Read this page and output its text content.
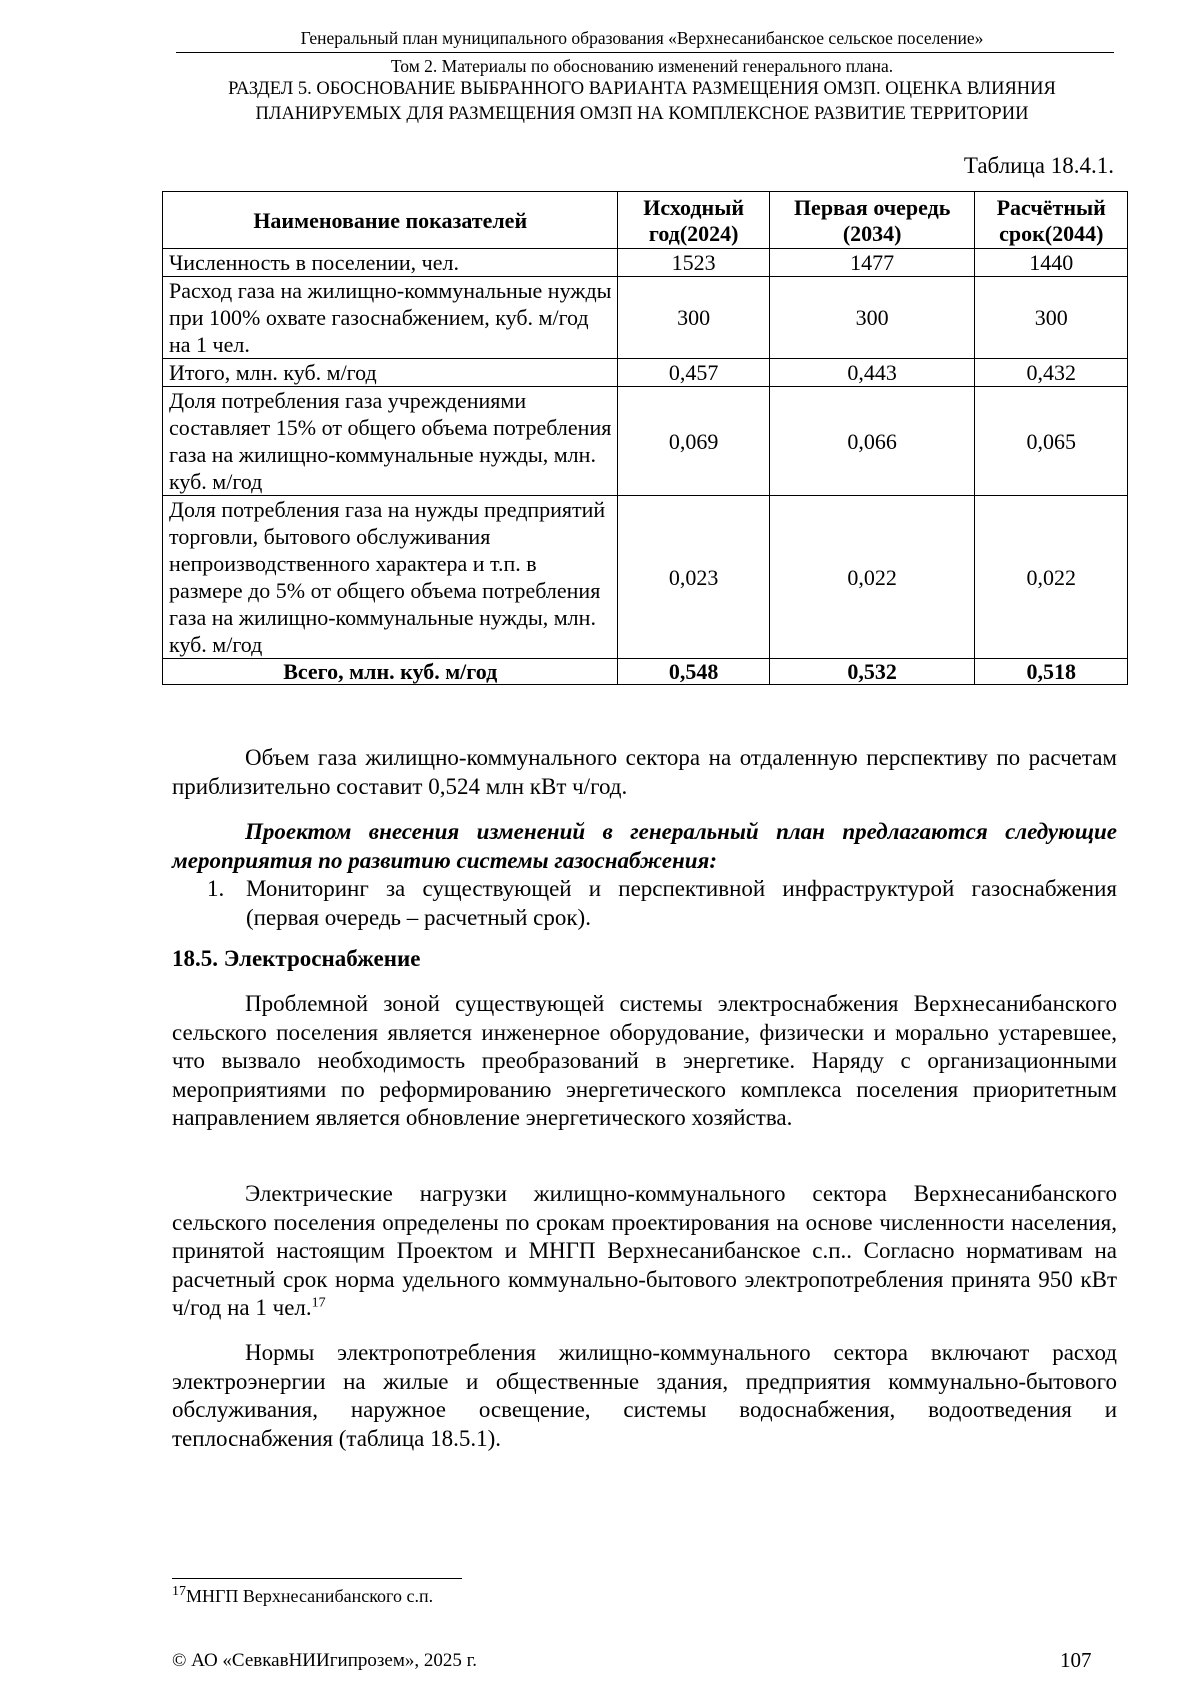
Генеральный план муниципального образования «Верхнесанибанское сельское поселение»
Том 2. Материалы по обоснованию изменений генерального плана.
РАЗДЕЛ 5. ОБОСНОВАНИЕ ВЫБРАННОГО ВАРИАНТА РАЗМЕЩЕНИЯ ОМЗП. ОЦЕНКА ВЛИЯНИЯ
ПЛАНИРУЕМЫХ ДЛЯ РАЗМЕЩЕНИЯ ОМЗП НА КОМПЛЕКСНОЕ РАЗВИТИЕ ТЕРРИТОРИИ
Таблица 18.4.1.
Наименование показателей	Исходный год(2024)	Первая очередь (2034)	Расчётный срок(2044)
Численность в поселении, чел.	1523	1477	1440
Расход газа на жилищно-коммунальные нужды при 100% охвате газоснабжением, куб. м/год на 1 чел.	300	300	300
Итого, млн. куб. м/год	0,457	0,443	0,432
Доля потребления газа учреждениями составляет 15% от общего объема потребления газа на жилищно-коммунальные нужды, млн. куб. м/год	0,069	0,066	0,065
Доля потребления газа на нужды предприятий торговли, бытового обслуживания непроизводственного характера и т.п. в размере до 5% от общего объема потребления газа на жилищно-коммунальные нужды, млн. куб. м/год	0,023	0,022	0,022
Всего, млн. куб. м/год	0,548	0,532	0,518
Объем газа жилищно-коммунального сектора на отдаленную перспективу по расчетам приблизительно составит 0,524 млн кВт ч/год.
Проектом внесения изменений в генеральный план предлагаются следующие мероприятия по развитию системы газоснабжения:
1. Мониторинг за существующей и перспективной инфраструктурой газоснабжения (первая очередь – расчетный срок).
18.5. Электроснабжение
Проблемной зоной существующей системы электроснабжения Верхнесанибанского сельского поселения является инженерное оборудование, физически и морально устаревшее, что вызвало необходимость преобразований в энергетике. Наряду с организационными мероприятиями по реформированию энергетического комплекса поселения приоритетным направлением является обновление энергетического хозяйства.
Электрические нагрузки жилищно-коммунального сектора Верхнесанибанского сельского поселения определены по срокам проектирования на основе численности населения, принятой настоящим Проектом и МНГП Верхнесанибанское с.п.. Согласно нормативам на расчетный срок норма удельного коммунально-бытового электропотребления принята 950 кВт ч/год на 1 чел.$^{17}$
Нормы электропотребления жилищно-коммунального сектора включают расход электроэнергии на жилые и общественные здания, предприятия коммунально-бытового обслуживания, наружное освещение, системы водоснабжения, водоотведения и теплоснабжения (таблица 18.5.1).
$^{17}$МНГП Верхнесанибанского с.п.
© АО «СевкавНИИгипрозем», 2025 г.	107
